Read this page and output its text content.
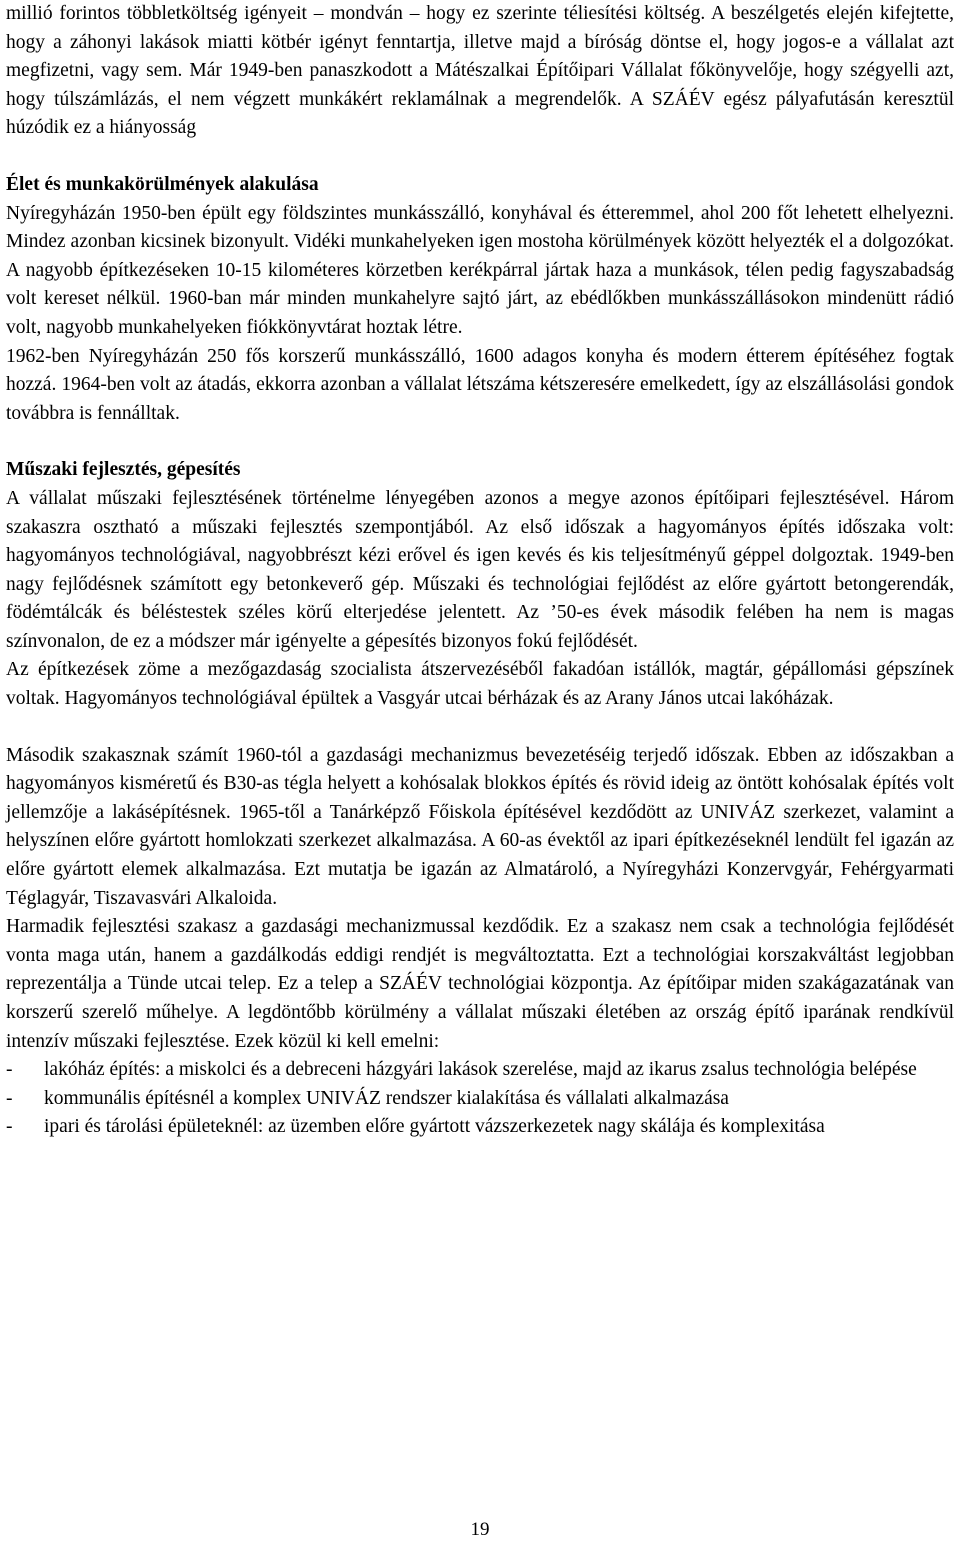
millió forintos többletköltség igényeit – mondván – hogy ez szerinte téliesítési költség. A beszélgetés elején kifejtette, hogy a záhonyi lakások miatti kötbér igényt fenntartja, illetve majd a bíróság döntse el, hogy jogos-e a vállalat azt megfizetni, vagy sem. Már 1949-ben panaszkodott a Mátészalkai Építőipari Vállalat főkönyvelője, hogy szégyelli azt, hogy túlszámlázás, el nem végzett munkákért reklamálnak a megrendelők. A SZÁÉV egész pályafutásán keresztül húzódik ez a hiányosság

Élet és munkakörülmények alakulása

Nyíregyházán 1950-ben épült egy földszintes munkásszálló, konyhával és étteremmel, ahol 200 főt lehetett elhelyezni. Mindez azonban kicsinek bizonyult. Vidéki munkahelyeken igen mostoha körülmények között helyezték el a dolgozókat. A nagyobb építkezéseken 10-15 kilométeres körzetben kerékpárral jártak haza a munkások, télen pedig fagyszabadság volt kereset nélkül. 1960-ban már minden munkahelyre sajtó járt, az ebédlőkben munkásszállásokon mindenütt rádió volt, nagyobb munkahelyeken fiókkönyvtárat hoztak létre.

1962-ben Nyíregyházán 250 fős korszerű munkásszálló, 1600 adagos konyha és modern étterem építéséhez fogtak hozzá. 1964-ben volt az átadás, ekkorra azonban a vállalat létszáma kétszeresére emelkedett, így az elszállásolási gondok továbbra is fennálltak.

Műszaki fejlesztés, gépesítés

A vállalat műszaki fejlesztésének történelme lényegében azonos a megye azonos építőipari fejlesztésével. Három szakaszra osztható a műszaki fejlesztés szempontjából. Az első időszak a hagyományos építés időszaka volt: hagyományos technológiával, nagyobbrészt kézi erővel és igen kevés és kis teljesítményű géppel dolgoztak. 1949-ben nagy fejlődésnek számított egy betonkeverő gép. Műszaki és technológiai fejlődést az előre gyártott betongerendák, födémtálcák és béléstestek széles körű elterjedése jelentett. Az ’50-es évek második felében ha nem is magas színvonalon, de ez a módszer már igényelte a gépesítés bizonyos fokú fejlődését.

Az építkezések zöme a mezőgazdaság szocialista átszervezéséből fakadóan istállók, magtár, gépállomási gépszínek voltak. Hagyományos technológiával épültek a Vasgyár utcai bérházak és az Arany János utcai lakóházak.

Második szakasznak számít 1960-tól a gazdasági mechanizmus bevezetéséig terjedő időszak. Ebben az időszakban a hagyományos kisméretű és B30-as tégla helyett a kohósalak blokkos építés és rövid ideig az öntött kohósalak építés volt jellemzője a lakásépítésnek. 1965-től a Tanárképző Főiskola építésével kezdődött az UNIVÁZ szerkezet, valamint a helyszínen előre gyártott homlokzati szerkezet alkalmazása. A 60-as évektől az ipari építkezéseknél lendült fel igazán az előre gyártott elemek alkalmazása. Ezt mutatja be igazán az Almatároló, a Nyíregyházi Konzervgyár, Fehérgyarmati Téglagyár, Tiszavasvári Alkaloida.

Harmadik fejlesztési szakasz a gazdasági mechanizmussal kezdődik. Ez a szakasz nem csak a technológia fejlődését vonta maga után, hanem a gazdálkodás eddigi rendjét is megváltoztatta. Ezt a technológiai korszakváltást legjobban reprezentálja a Tünde utcai telep. Ez a telep a SZÁÉV technológiai központja. Az építőipar miden szakágazatának van korszerű szerelő műhelye. A legdöntőbb körülmény a vállalat műszaki életében az ország építő iparának rendkívül intenzív műszaki fejlesztése. Ezek közül ki kell emelni:

- lakóház építés: a miskolci és a debreceni házgyári lakások szerelése, majd az ikarus zsalus technológia belépése
- kommunális építésnél a komplex UNIVÁZ rendszer kialakítása és vállalati alkalmazása
- ipari és tárolási épületeknél: az üzemben előre gyártott vázszerkezetek nagy skálája és komplexitása
19
